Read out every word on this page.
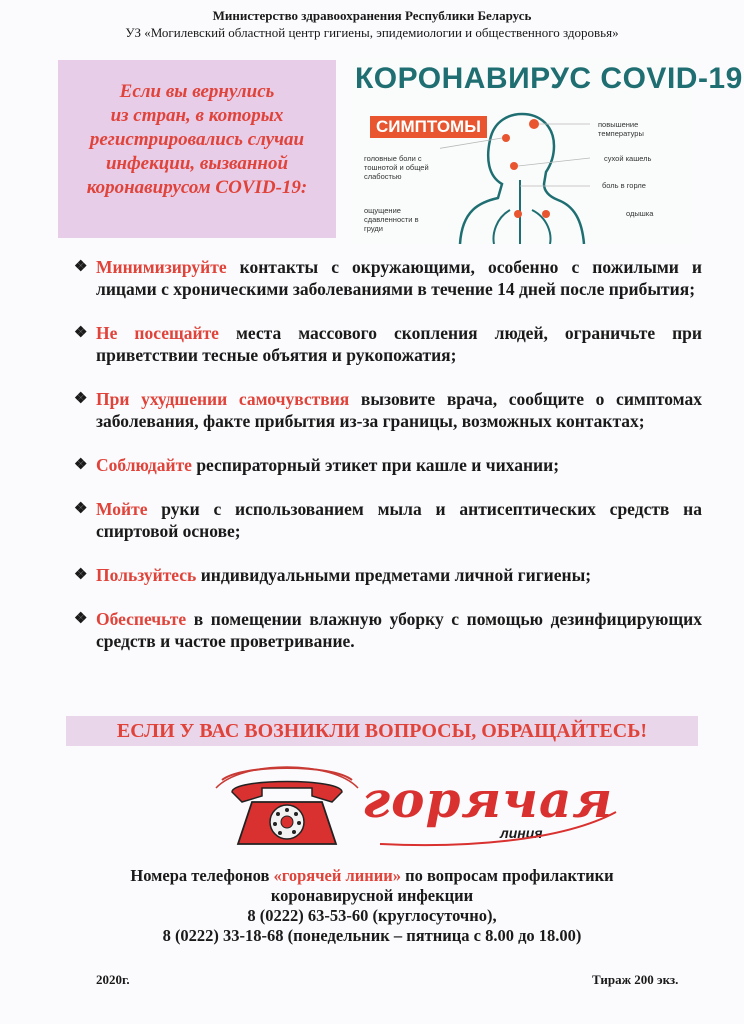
Министерство здравоохранения Республики Беларусь
УЗ «Могилевский областной центр гигиены, эпидемиологии и общественного здоровья»
Если вы вернулись
из стран, в которых
регистрировались случаи
инфекции, вызванной
коронавирусом COVID-19:
КОРОНАВИРУС COVID-19
СИМПТОМЫ	повышение температуры
головные боли с тошнотой и общей слабостью
сухой кашель
боль в горле
ощущение сдавленности в груди
одышка
❖ Минимизируйте контакты с окружающими, особенно с пожилыми и лицами с хроническими заболеваниями в течение 14 дней после прибытия;
❖ Не посещайте места массового скопления людей, ограничьте при приветствии тесные объятия и рукопожатия;
❖ При ухудшении самочувствия вызовите врача, сообщите о симптомах заболевания, факте прибытия из-за границы, возможных контактах;
❖ Соблюдайте респираторный этикет при кашле и чихании;
❖ Мойте руки с использованием мыла и антисептических средств на спиртовой основе;
❖ Пользуйтесь индивидуальными предметами личной гигиены;
❖ Обеспечьте в помещении влажную уборку с помощью дезинфицирующих средств и частое проветривание.
ЕСЛИ У ВАС ВОЗНИКЛИ ВОПРОСЫ, ОБРАЩАЙТЕСЬ!
горячая
линия
Номера телефонов «горячей линии» по вопросам профилактики
коронавирусной инфекции
8 (0222) 63-53-60 (круглосуточно),
8 (0222) 33-18-68 (понедельник – пятница с 8.00 до 18.00)
2020г.	Тираж 200 экз.
